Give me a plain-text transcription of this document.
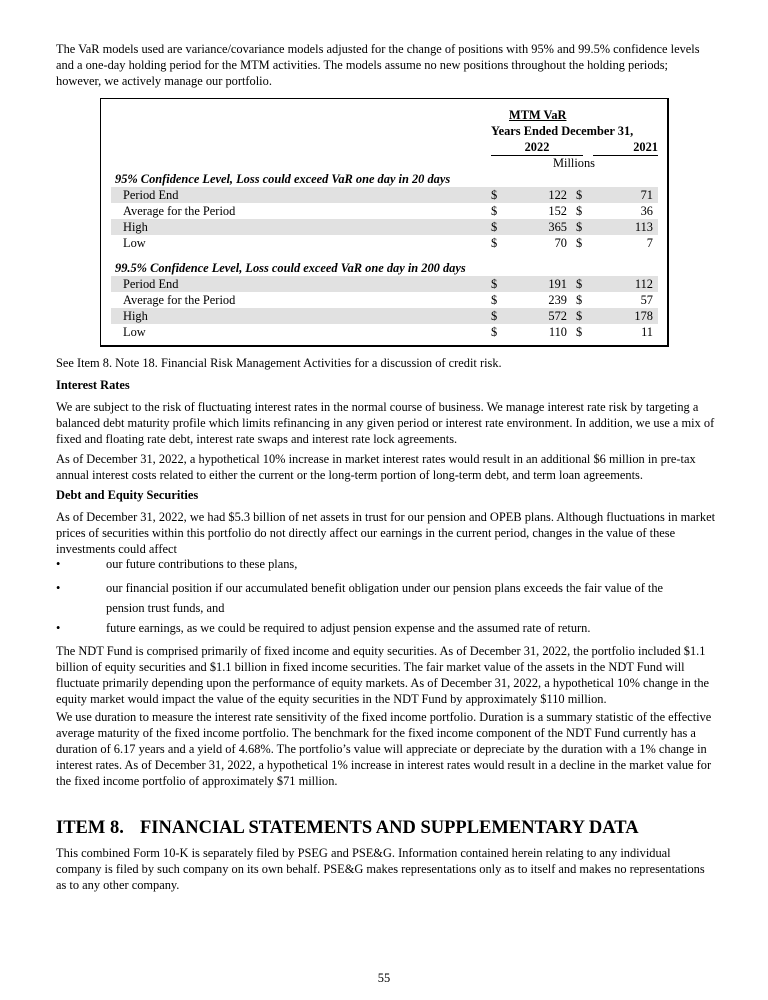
The VaR models used are variance/covariance models adjusted for the change of positions with 95% and 99.5% confidence levels and a one-day holding period for the MTM activities. The models assume no new positions throughout the holding periods; however, we actively manage our portfolio.

MTM VaR
Years Ended December 31,
2022	2021
Millions
95% Confidence Level, Loss could exceed VaR one day in 20 days
Period End	$	122 $	71
Average for the Period	$	152 $	36
High	$	365 $	113
Low	$	70 $	7
99.5% Confidence Level, Loss could exceed VaR one day in 200 days
Period End	$	191 $	112
Average for the Period	$	239 $	57
High	$	572 $	178
Low	$	110 $	11

See Item 8. Note 18. Financial Risk Management Activities for a discussion of credit risk.

Interest Rates

We are subject to the risk of fluctuating interest rates in the normal course of business. We manage interest rate risk by targeting a balanced debt maturity profile which limits refinancing in any given period or interest rate environment. In addition, we use a mix of fixed and floating rate debt, interest rate swaps and interest rate lock agreements.

As of December 31, 2022, a hypothetical 10% increase in market interest rates would result in an additional $6 million in pre-tax annual interest costs related to either the current or the long-term portion of long-term debt, and term loan agreements.

Debt and Equity Securities

As of December 31, 2022, we had $5.3 billion of net assets in trust for our pension and OPEB plans. Although fluctuations in market prices of securities within this portfolio do not directly affect our earnings in the current period, changes in the value of these investments could affect

•	our future contributions to these plans,
•	our financial position if our accumulated benefit obligation under our pension plans exceeds the fair value of the pension trust funds, and
•	future earnings, as we could be required to adjust pension expense and the assumed rate of return.

The NDT Fund is comprised primarily of fixed income and equity securities. As of December 31, 2022, the portfolio included $1.1 billion of equity securities and $1.1 billion in fixed income securities. The fair market value of the assets in the NDT Fund will fluctuate primarily depending upon the performance of equity markets. As of December 31, 2022, a hypothetical 10% change in the equity market would impact the value of the equity securities in the NDT Fund by approximately $110 million.

We use duration to measure the interest rate sensitivity of the fixed income portfolio. Duration is a summary statistic of the effective average maturity of the fixed income portfolio. The benchmark for the fixed income component of the NDT Fund currently has a duration of 6.17 years and a yield of 4.68%. The portfolio’s value will appreciate or depreciate by the duration with a 1% change in interest rates. As of December 31, 2022, a hypothetical 1% increase in interest rates would result in a decline in the market value for the fixed income portfolio of approximately $71 million.

ITEM 8. FINANCIAL STATEMENTS AND SUPPLEMENTARY DATA

This combined Form 10-K is separately filed by PSEG and PSE&G. Information contained herein relating to any individual company is filed by such company on its own behalf. PSE&G makes representations only as to itself and makes no representations as to any other company.

55
